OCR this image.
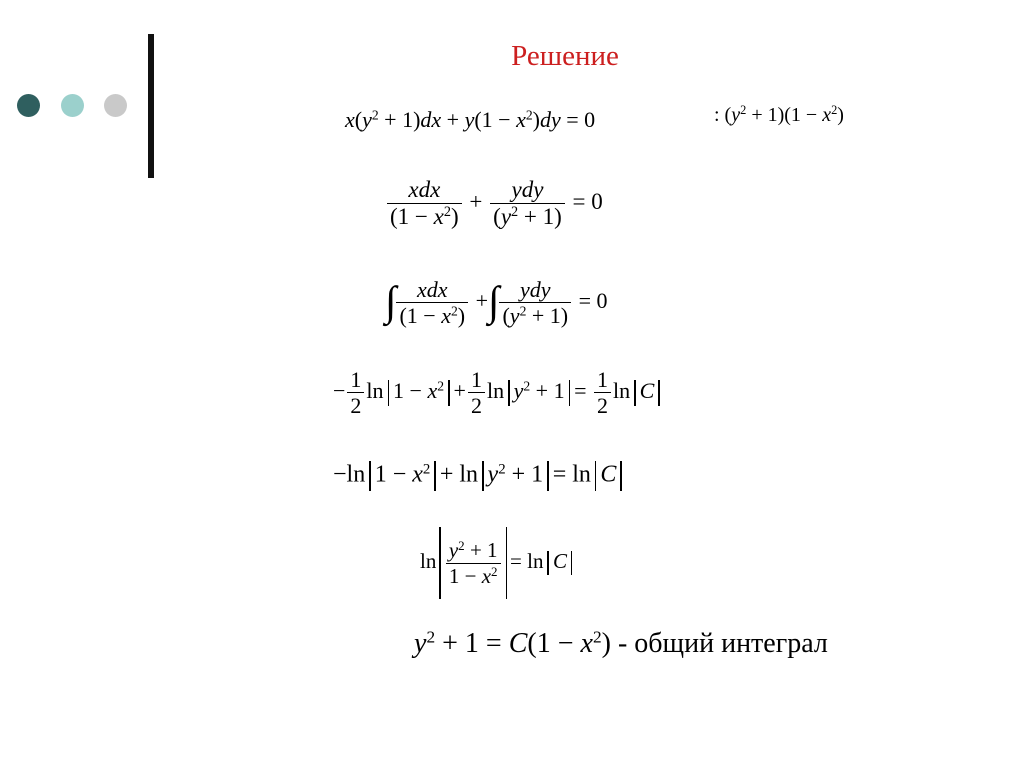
Решение
$x(y^2 + 1)dx + y(1 - x^2)dy = 0$	: $(y^2 + 1)(1 - x^2)$
$\frac{\text{xdx}}{(1 - x^2)} + \frac{\text{ydy}}{(y^2 + 1)} = 0$
∫ $\frac{\text{xdx}}{(1 - x^2)}$ +∫ $\frac{\text{ydy}}{(y^2 + 1)} = 0$
− $\frac{1}{2}$ $\ln 1 - x^2 + \frac{1}{2}$ $\ln y^2 + 1 = \frac{1}{2}$ ln C
−ln $1 - x^2 + \ln y^2 + 1 = \ln C$
$\ln \frac{y^2 + 1}{1 - x^2} = \ln C$
$y^2 + 1 = C(1 - x^2)$ - общий интеграл
